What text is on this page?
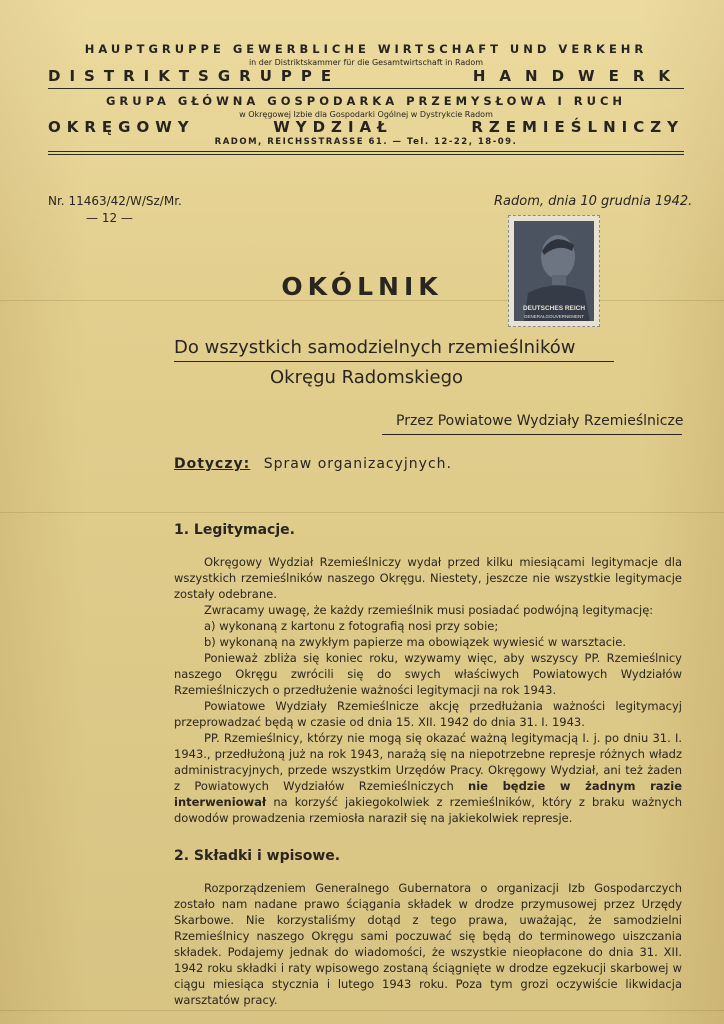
HAUPTGRUPPE GEWERBLICHE WIRTSCHAFT UND VERKEHR
in der Distriktskammer für die Gesamtwirtschaft in Radom
DISTRIKTSGRUPPE	HANDWERK
GRUPA GŁÓWNA GOSPODARKA PRZEMYSŁOWA I RUCH
w Okręgowej Izbie dla Gospodarki Ogólnej w Dystrykcie Radom
OKRĘGOWY	WYDZIAŁ	RZEMIEŚLNICZY
RADOM, REICHSSTRASSE 61. — Tel. 12-22, 18-09.
Nr. 11463/42/W/Sz/Mr.
— 12 —
Radom, dnia 10 grudnia 1942.
DEUTSCHES REICH
GENERALGOUVERNEMENT
OKÓLNIK
Do wszystkich samodzielnych rzemieślników
Okręgu Radomskiego
Przez Powiatowe Wydziały Rzemieślnicze
Dotyczy: Spraw organizacyjnych.
1. Legitymacje.
Okręgowy Wydział Rzemieślniczy wydał przed kilku miesiącami legitymacje dla wszystkich rzemieślników naszego Okręgu. Niestety, jeszcze nie wszystkie legitymacje zostały odebrane.
Zwracamy uwagę, że każdy rzemieślnik musi posiadać podwójną legitymację:
a) wykonaną z kartonu z fotografią nosi przy sobie;
b) wykonaną na zwykłym papierze ma obowiązek wywiesić w warsztacie.
Ponieważ zbliża się koniec roku, wzywamy więc, aby wszyscy PP. Rzemieślnicy naszego Okręgu zwrócili się do swych właściwych Powiatowych Wydziałów Rzemieślniczych o przedłużenie ważności legitymacji na rok 1943.
Powiatowe Wydziały Rzemieślnicze akcję przedłużania ważności legitymacyj przeprowadzać będą w czasie od dnia 15. XII. 1942 do dnia 31. I. 1943.
PP. Rzemieślnicy, którzy nie mogą się okazać ważną legitymacją I. j. po dniu 31. I. 1943., przedłużoną już na rok 1943, narażą się na niepotrzebne represje różnych władz administracyjnych, przede wszystkim Urzędów Pracy. Okręgowy Wydział, ani też żaden z Powiatowych Wydziałów Rzemieślniczych nie będzie w żadnym razie interweniował na korzyść jakiegokolwiek z rzemieślników, który z braku ważnych dowodów prowadzenia rzemiosła naraził się na jakiekolwiek represje.
2. Składki i wpisowe.
Rozporządzeniem Generalnego Gubernatora o organizacji Izb Gospodarczych zostało nam nadane prawo ściągania składek w drodze przymusowej przez Urzędy Skarbowe. Nie korzystaliśmy dotąd z tego prawa, uważając, że samodzielni Rzemieślnicy naszego Okręgu sami poczuwać się będą do terminowego uiszczania składek. Podajemy jednak do wiadomości, że wszystkie nieopłacone do dnia 31. XII. 1942 roku składki i raty wpisowego zostaną ściągnięte w drodze egzekucji skarbowej w ciągu miesiąca stycznia i lutego 1943 roku. Poza tym grozi oczywiście likwidacja warsztatów pracy.
